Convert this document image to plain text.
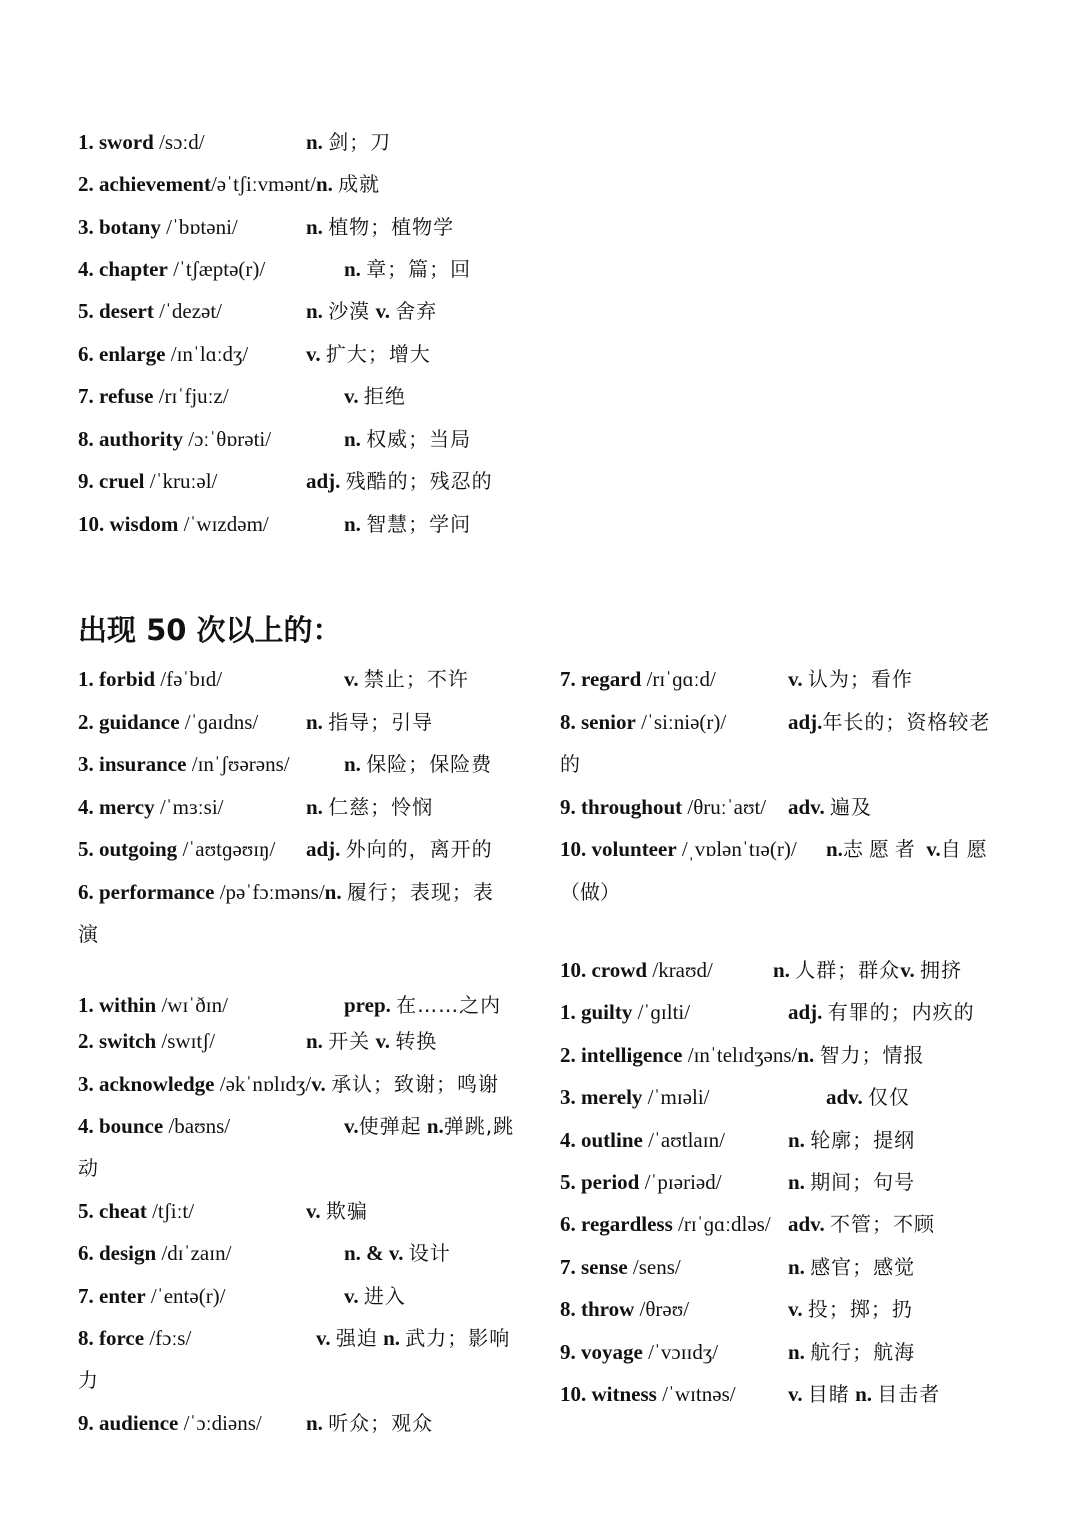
1. sword /sɔːd/	n. 剑；刀
2. achievement/əˈtʃiːvmənt/n. 成就
3. botany /ˈbɒtəni/	n. 植物；植物学
4. chapter /ˈtʃæptə(r)/	n. 章；篇；回
5. desert /ˈdezət/	n. 沙漠 v. 舍弃
6. enlarge /ɪnˈlɑːdʒ/	v. 扩大；增大
7. refuse /rɪˈfjuːz/	v. 拒绝
8. authority /ɔːˈθɒrəti/	n. 权威；当局
9. cruel /ˈkruːəl/	adj. 残酷的；残忍的
10. wisdom /ˈwɪzdəm/	n. 智慧；学问
出现 50 次以上的：
1. forbid /fəˈbɪd/	v. 禁止；不许
2. guidance /ˈɡaɪdns/ n. 指导；引导
3. insurance /ɪnˈʃʊərəns/	n. 保险；保险费
4. mercy /ˈmɜːsi/	n. 仁慈；怜悯
5. outgoing /ˈaʊtɡəʊɪŋ/ adj. 外向的，离开的
6. performance /pəˈfɔːməns/n. 履行；表现；表
演
1. within /wɪˈðɪn/	prep. 在……之内
2. switch /swɪtʃ/	n. 开关 v. 转换
3. acknowledge /əkˈnɒlɪdʒ/v. 承认；致谢；鸣谢
4. bounce /baʊns/	v.使弹起 n.弹跳,跳
动
5. cheat /tʃiːt/	v. 欺骗
6. design /dɪˈzaɪn/	n. & v. 设计
7. enter /ˈentə(r)/	v. 进入
8. force /fɔːs/	v. 强迫 n. 武力；影响
力
9. audience /ˈɔːdiəns/ n. 听众；观众
7. regard /rɪˈɡɑːd/	v. 认为；看作
8. senior /ˈsiːniə(r)/	adj.年长的；资格较老
的
9. throughout /θruːˈaʊt/ adv. 遍及
10. volunteer /ˌvɒlənˈtɪə(r)/ n.志愿者 v.自愿
（做）
10. crowd /kraʊd/	n. 人群；群众v. 拥挤
1. guilty /ˈɡɪlti/	adj. 有罪的；内疚的
2. intelligence /ɪnˈtelɪdʒəns/n. 智力；情报
3. merely /ˈmɪəli/	adv. 仅仅
4. outline /ˈaʊtlaɪn/	n. 轮廓；提纲
5. period /ˈpɪəriəd/	n. 期间；句号
6. regardless /rɪˈɡɑːdləs/ adv. 不管；不顾
7. sense /sens/	n. 感官；感觉
8. throw /θrəʊ/	v. 投；掷；扔
9. voyage /ˈvɔɪɪdʒ/	n. 航行；航海
10. witness /ˈwɪtnəs/ v. 目睹 n. 目击者
